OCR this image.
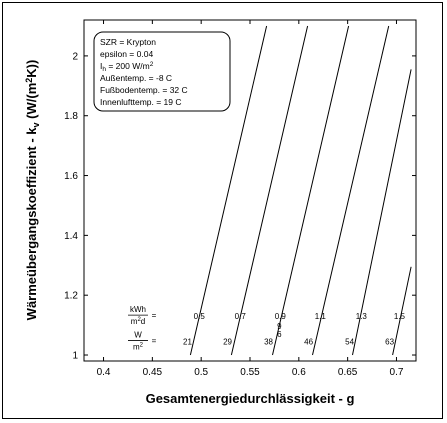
0.4	0.45	0.5	0.55	0.6	0.65	0.7
1
1.2
1.4
1.6
1.8
2
kWh
$m^2d$
=	0.5	0.7	0.9	1.1	1.3	1.5
W
$m^2$ =	21	29	38	46	54	63
9
6
SZR = Krypton
epsilon = 0.04
$I_h = 200$ $W/m^2$
Außentemp. = -8 C
Fußbodentemp. = 32 C
Innenlufttemp. = 19 C
Gesamtenergiedurchlässigkeit - g
Wärmeübergangskoeffizient - $k_v$ $(W/(m^2K))$
